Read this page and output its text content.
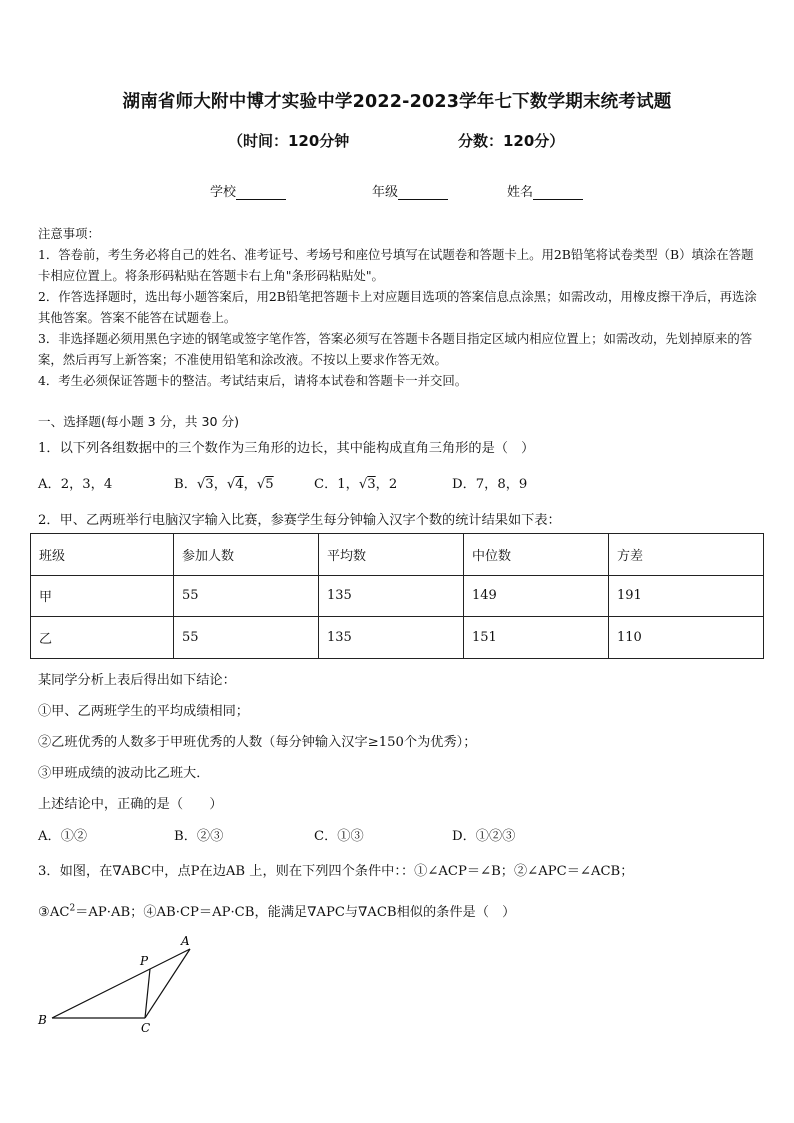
湖南省师大附中博才实验中学2022-2023学年七下数学期末统考试题
（时间：120分钟	分数：120分）
学校	年级	姓名

注意事项：

1．答卷前，考生务必将自己的姓名、准考证号、考场号和座位号填写在试题卷和答题卡上。用2B铅笔将试卷类型（B）填涂在答题卡相应位置上。将条形码粘贴在答题卡右上角"条形码粘贴处"。

2．作答选择题时，选出每小题答案后，用2B铅笔把答题卡上对应题目选项的答案信息点涂黑；如需改动，用橡皮擦干净后，再选涂其他答案。答案不能答在试题卷上。

3．非选择题必须用黑色字迹的钢笔或签字笔作答，答案必须写在答题卡各题目指定区域内相应位置上；如需改动，先划掉原来的答案，然后再写上新答案；不准使用铅笔和涂改液。不按以上要求作答无效。

4．考生必须保证答题卡的整洁。考试结束后，请将本试卷和答题卡一并交回。

一、选择题(每小题 3 分，共 30 分)
1．以下列各组数据中的三个数作为三角形的边长，其中能构成直角三角形的是（　）
A．2，3，4	B．√3，√4，√5	C．1，√3，2	D．7，8，9
2．甲、乙两班举行电脑汉字输入比赛，参赛学生每分钟输入汉字个数的统计结果如下表：
班级	参加人数	平均数	中位数	方差
甲	55	135	149	191
乙	55	135	151	110
某同学分析上表后得出如下结论：
①甲、乙两班学生的平均成绩相同；
②乙班优秀的人数多于甲班优秀的人数（每分钟输入汉字≥150个为优秀）；
③甲班成绩的波动比乙班大．
上述结论中，正确的是（　　）
A．①②	B．②③	C．①③	D．①②③
3．如图，在∇ABC中，点P在边AB 上，则在下列四个条件中：：①∠ACP＝∠B；②∠APC＝∠ACB；
$③AC^2=AP\cdot AB$；④AB·CP＝AP·CB，能满足∇APC与∇ACB相似的条件是（　）
A
P
B
C
